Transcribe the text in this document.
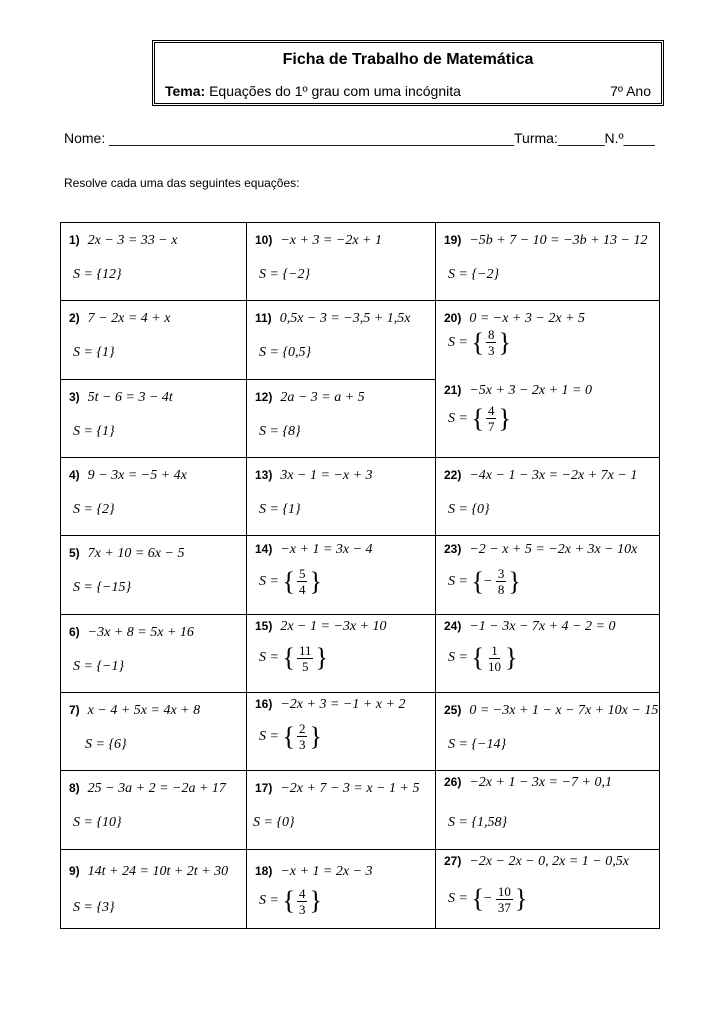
Ficha de Trabalho de Matemática
Tema: Equações do 1º grau com uma incógnita	7º Ano
Nome: ____________________________________________________Turma:______N.º____
Resolve cada uma das seguintes equações:
1) 2x − 3 = 33 − x
S = {12}
10) −x + 3 = −2x + 1
S = {−2}
19) −5b + 7 − 10 = −3b + 13 − 12
S = {−2}
2) 7 − 2x = 4 + x
S = {1}
11) 0,5x − 3 = −3,5 + 1,5x
S = {0,5}
20) 0 = −x + 3 − 2x + 5
S =
{ $\frac{8}{3}$ }
21) −5x + 3 − 2x + 1 = 0
S =
{ $\frac{4}{7}$ }
3) 5t − 6 = 3 − 4t
S = {1}
12) 2a − 3 = a + 5
S = {8}
4) 9 − 3x = −5 + 4x
S = {2}
13) 3x − 1 = −x + 3
S = {1}
22) −4x − 1 − 3x = −2x + 7x − 1
S = {0}
5) 7x + 10 = 6x − 5
S = {−15}
14) −x + 1 = 3x − 4
S =
{ $\frac{5}{4}$ }
23) −2 − x + 5 = −2x + 3x − 10x
S =
{ − $\frac{3}{8}$ }
6) −3x + 8 = 5x + 16
S = {−1}
15) 2x − 1 = −3x + 10
S =
{ $\frac{11}{5}$ }
24) −1 − 3x − 7x + 4 − 2 = 0
S =
{ $\frac{1}{10}$ }
7) x − 4 + 5x = 4x + 8
S = {6}
16) −2x + 3 = −1 + x + 2
S =
{ $\frac{2}{3}$ }
25) 0 = −3x + 1 − x − 7x + 10x − 15
S = {−14}
8) 25 − 3a + 2 = −2a + 17
S = {10}
17) −2x + 7 − 3 = x − 1 + 5
S = {0}
26) −2x + 1 − 3x = −7 + 0,1
S = {1,58}
9) 14t + 24 = 10t + 2t + 30
S = {3}
18) −x + 1 = 2x − 3
S =
{ $\frac{4}{3}$ }
27) −2x − 2x − 0, 2x = 1 − 0,5x
S =
{ − $\frac{10}{37}$ }
